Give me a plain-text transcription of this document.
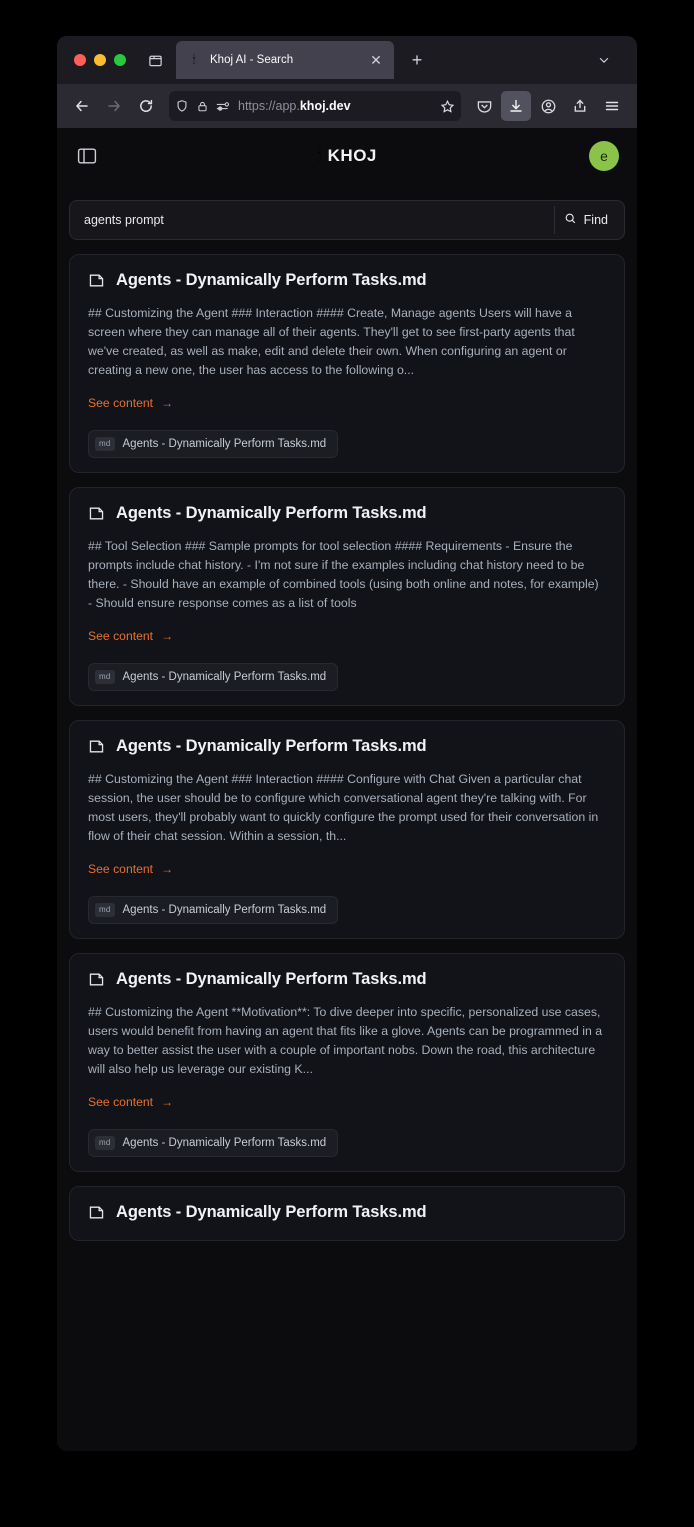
🕯	Khoj AI - Search	✕	+
https://app.khoj.dev
🕯 KHOJ	e
agents prompt
Find
Agents - Dynamically Perform Tasks.md
## Customizing the Agent ### Interaction #### Create, Manage agents Users will have a screen where they can manage all of their agents. They'll get to see first-party agents that we've created, as well as make, edit and delete their own. When configuring an agent or creating a new one, the user has access to the following o...
See content →
md	Agents - Dynamically Perform Tasks.md
Agents - Dynamically Perform Tasks.md
## Tool Selection ### Sample prompts for tool selection #### Requirements - Ensure the prompts include chat history. - I'm not sure if the examples including chat history need to be there. - Should have an example of combined tools (using both online and notes, for example) - Should ensure response comes as a list of tools
See content →
md	Agents - Dynamically Perform Tasks.md
Agents - Dynamically Perform Tasks.md
## Customizing the Agent ### Interaction #### Configure with Chat Given a particular chat session, the user should be to configure which conversational agent they're talking with. For most users, they'll probably want to quickly configure the prompt used for their conversation in flow of their chat session. Within a session, th...
See content →
md	Agents - Dynamically Perform Tasks.md
Agents - Dynamically Perform Tasks.md
## Customizing the Agent **Motivation**: To dive deeper into specific, personalized use cases, users would benefit from having an agent that fits like a glove. Agents can be programmed in a way to better assist the user with a couple of important nobs. Down the road, this architecture will also help us leverage our existing K...
See content →
md	Agents - Dynamically Perform Tasks.md
Agents - Dynamically Perform Tasks.md
